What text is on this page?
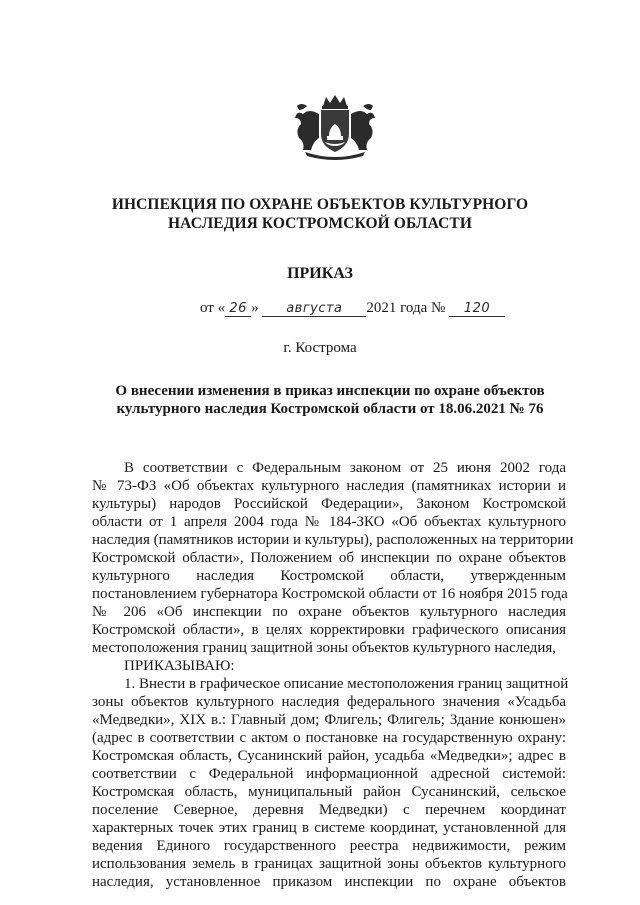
ИНСПЕКЦИЯ ПО ОХРАНЕ ОБЪЕКТОВ КУЛЬТУРНОГО
НАСЛЕДИЯ КОСТРОМСКОЙ ОБЛАСТИ
ПРИКАЗ
от « 26 » августа 2021 года № 120
г. Кострома
О внесении изменения в приказ инспекции по охране объектов
культурного наследия Костромской области от 18.06.2021 № 76
В соответствии с Федеральным законом от 25 июня 2002 года
№ 73-ФЗ «Об объектах культурного наследия (памятниках истории и
культуры) народов Российской Федерации», Законом Костромской
области от 1 апреля 2004 года № 184-ЗКО «Об объектах культурного
наследия (памятников истории и культуры), расположенных на территории
Костромской области», Положением об инспекции по охране объектов
культурного наследия Костромской области, утвержденным
постановлением губернатора Костромской области от 16 ноября 2015 года
№ 206 «Об инспекции по охране объектов культурного наследия
Костромской области», в целях корректировки графического описания
местоположения границ защитной зоны объектов культурного наследия,
ПРИКАЗЫВАЮ:
1. Внести в графическое описание местоположения границ защитной
зоны объектов культурного наследия федерального значения «Усадьба
«Медведки», XIX в.: Главный дом; Флигель; Флигель; Здание конюшен»
(адрес в соответствии с актом о постановке на государственную охрану:
Костромская область, Сусанинский район, усадьба «Медведки»; адрес в
соответствии с Федеральной информационной адресной системой:
Костромская область, муниципальный район Сусанинский, сельское
поселение Северное, деревня Медведки) с перечнем координат
характерных точек этих границ в системе координат, установленной для
ведения Единого государственного реестра недвижимости, режим
использования земель в границах защитной зоны объектов культурного
наследия, установленное приказом инспекции по охране объектов
